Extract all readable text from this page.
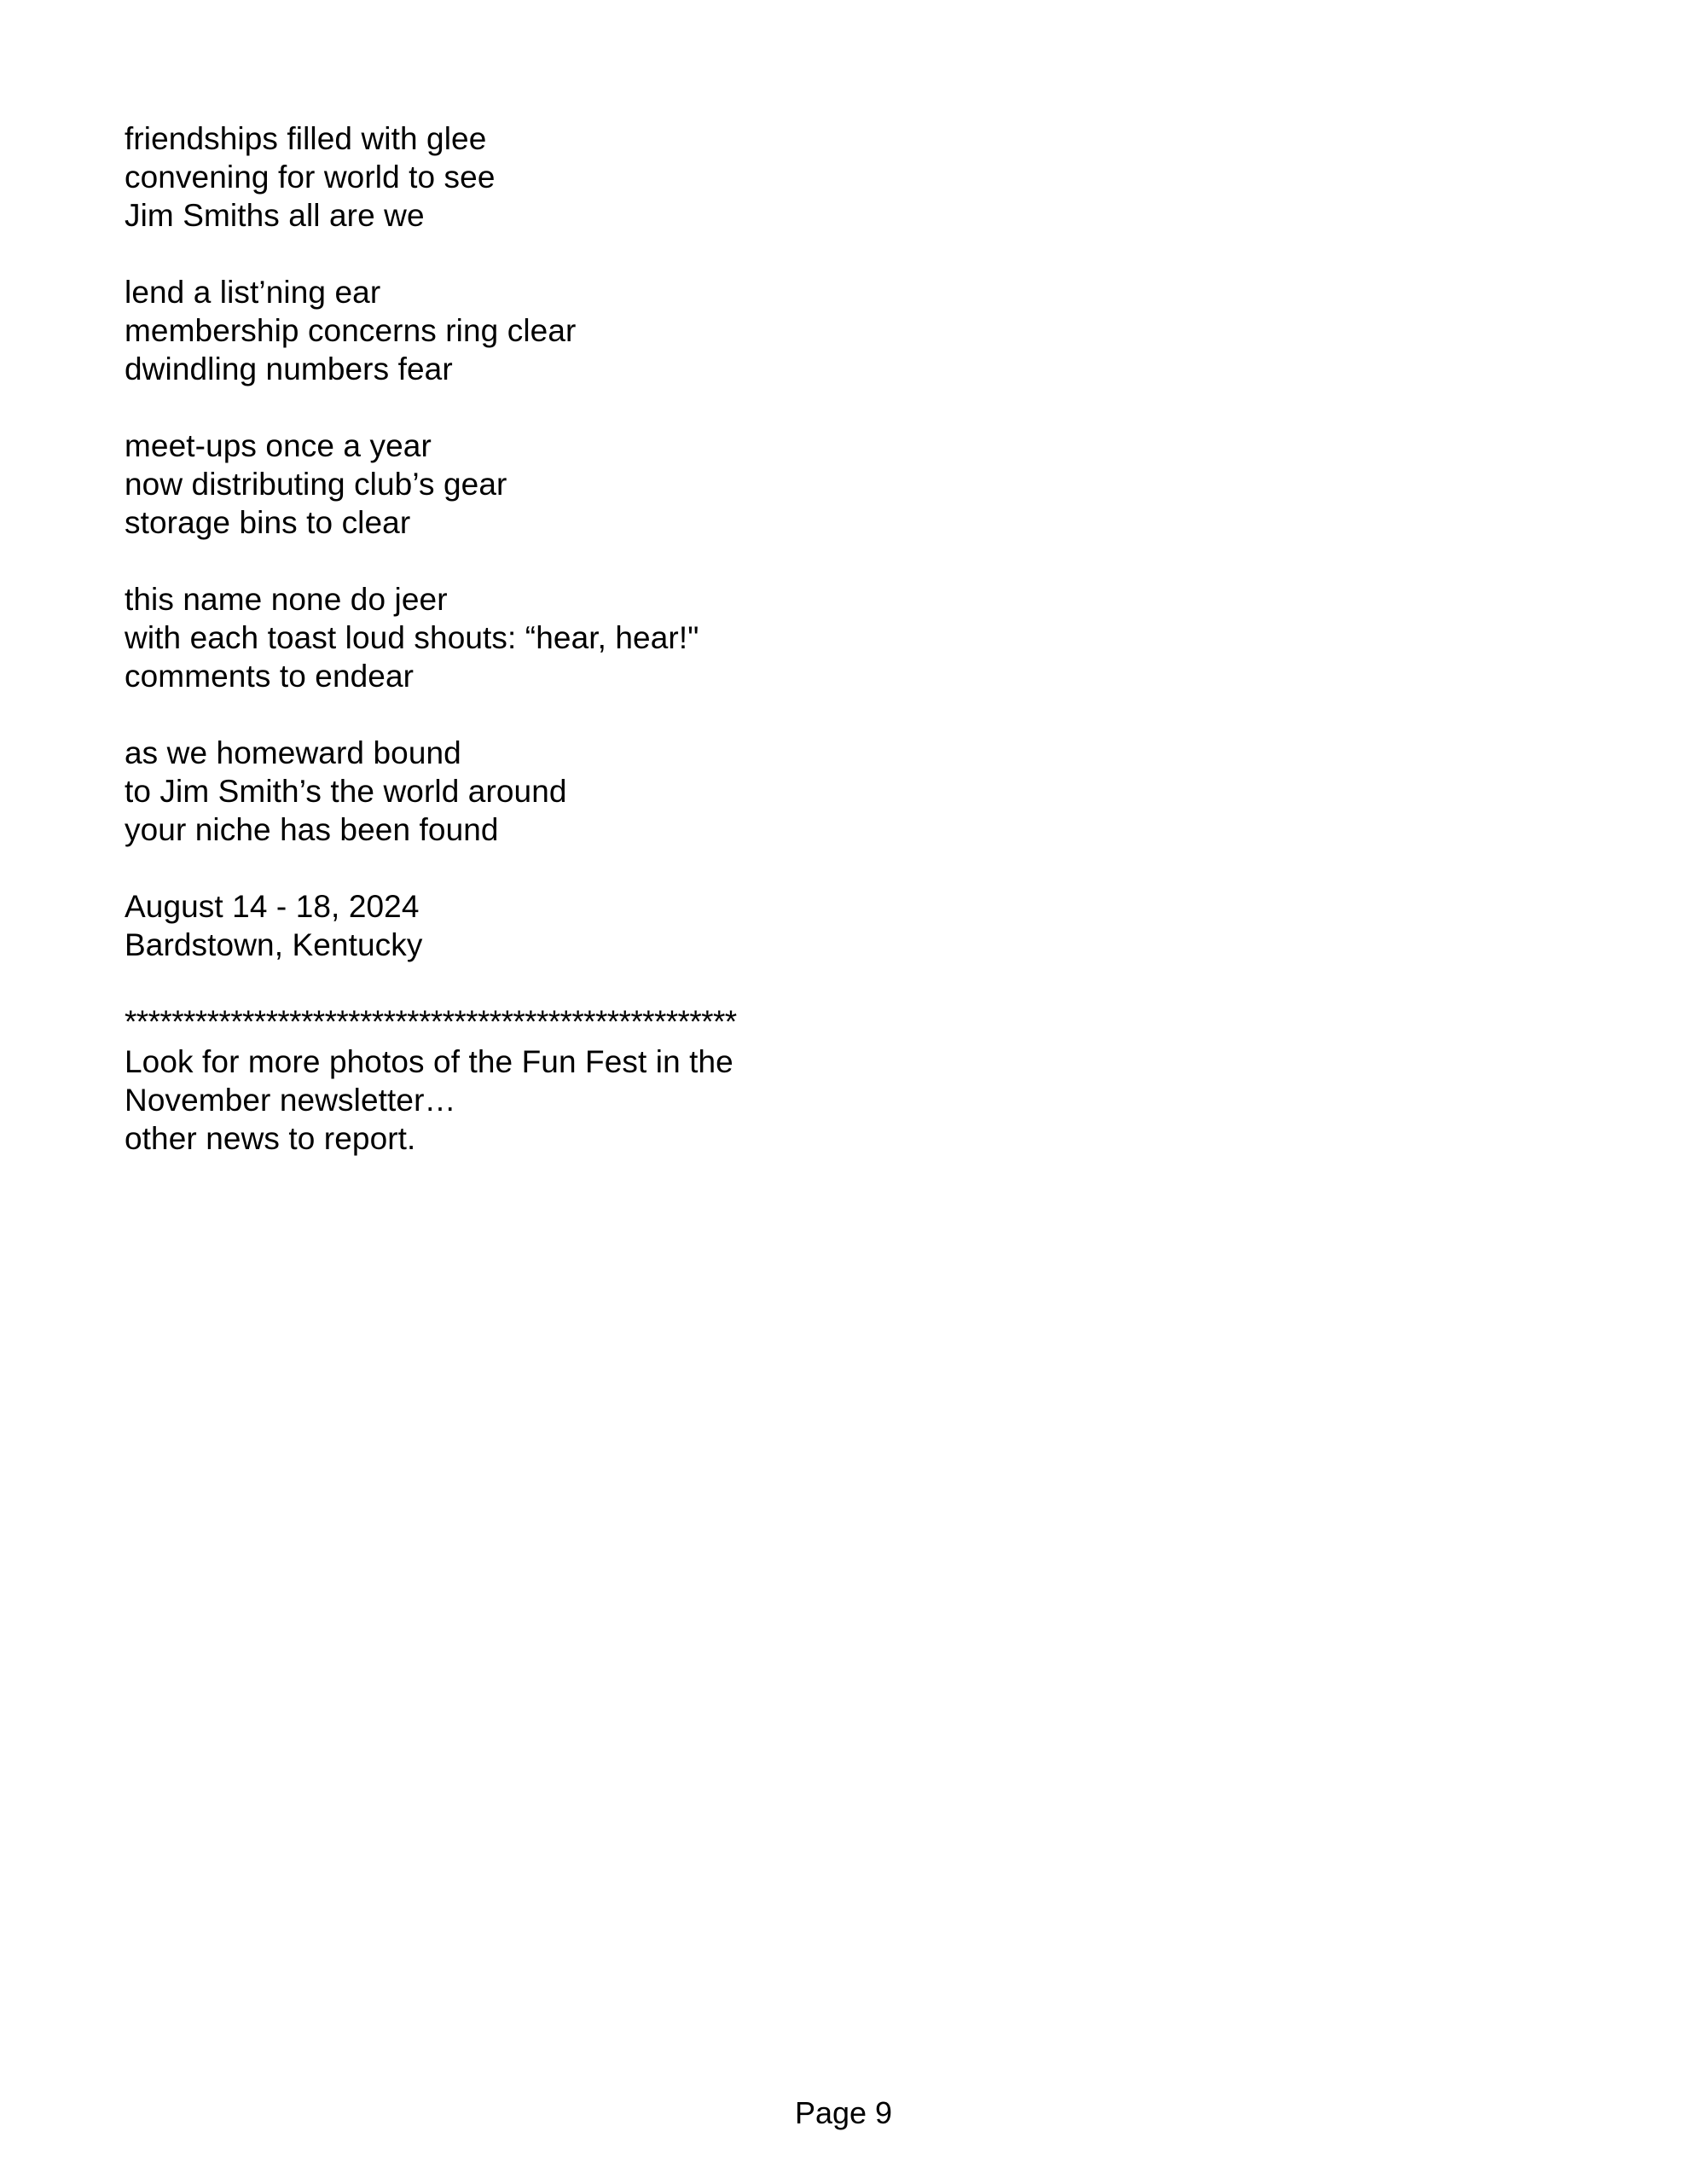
friendships filled with glee
convening for world to see
Jim Smiths all are we
lend a list’ning ear
membership concerns ring clear
dwindling numbers fear
meet-ups once a year
now distributing club’s gear
storage bins to clear
this name none do jeer
with each toast loud shouts: “hear, hear!"
comments to endear
as we homeward bound
to Jim Smith’s the world around
your niche has been found
August 14 - 18, 2024
Bardstown, Kentucky
****************************************************
Look for more photos of the Fun Fest in the
November newsletter…
other news to report.
Page 9
